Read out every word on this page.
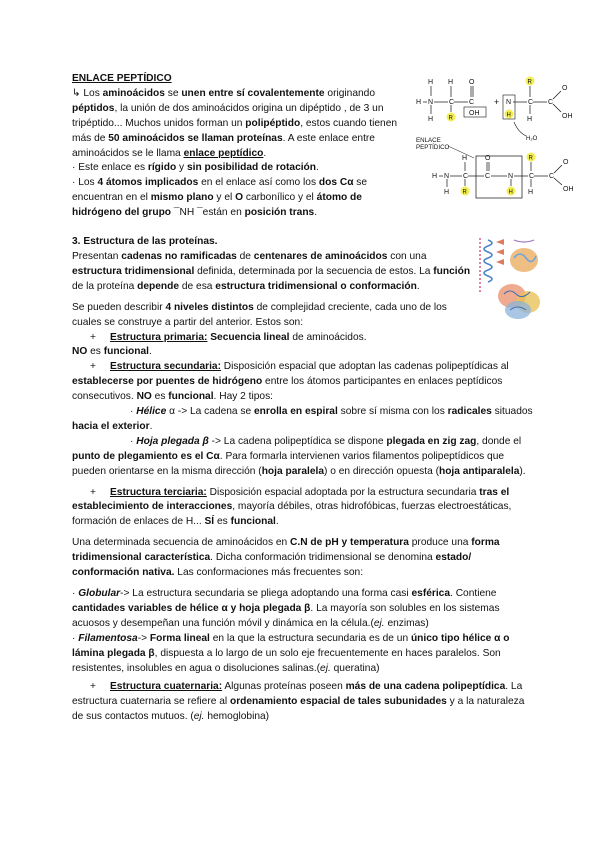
H N
H
H
C
H
R
C
O
OH
+
H
N C
R
H
C
O
OH
H₂O
ENLACE
PEPTÍDICO
H N
H
C
H
R
C
O
N
H
C
R
H
C
O
OH

ENLACE PEPTÍDICO

↳ Los aminoácidos se unen entre sí covalentemente originando péptidos, la unión de dos aminoácidos origina un dipéptido , de 3 un tripéptido... Muchos unidos forman un polipéptido, estos cuando tienen más de 50 aminoácidos se llaman proteínas. A este enlace entre aminoácidos se le llama enlace peptídico.

· Este enlace es rígido y sin posibilidad de rotación.

· Los 4 átomos implicados en el enlace así como los dos Cα se encuentran en el mismo plano y el O carbonílico y el átomo de hidrógeno del grupo ¯NH ¯están en posición trans.

3. Estructura de las proteínas.

Presentan cadenas no ramificadas de centenares de aminoácidos con una estructura tridimensional definida, determinada por la secuencia de estos. La función de la proteína depende de esa estructura tridimensional o conformación.

Se pueden describir 4 niveles distintos de complejidad creciente, cada uno de los cuales se construye a partir del anterior. Estos son:

+ Estructura primaria: Secuencia lineal de aminoácidos.

NO es funcional.

+ Estructura secundaria: Disposición espacial que adoptan las cadenas polipeptídicas al establecerse por puentes de hidrógeno entre los átomos participantes en enlaces peptídicos consecutivos. NO es funcional. Hay 2 tipos:

· Hélice α -> La cadena se enrolla en espiral sobre sí misma con los radicales situados hacia el exterior.

· Hoja plegada β -> La cadena polipeptídica se dispone plegada en zig zag, donde el punto de plegamiento es el Cα. Para formarla intervienen varios filamentos polipeptídicos que pueden orientarse en la misma dirección (hoja paralela) o en dirección opuesta (hoja antiparalela).

+ Estructura terciaria: Disposición espacial adoptada por la estructura secundaria tras el establecimiento de interacciones, mayoría débiles, otras hidrofóbicas, fuerzas electroestáticas, formación de enlaces de H... SÍ es funcional.

Una determinada secuencia de aminoácidos en C.N de pH y temperatura produce una forma tridimensional característica. Dicha conformación tridimensional se denomina estado/ conformación nativa. Las conformaciones más frecuentes son:

· Globular-> La estructura secundaria se pliega adoptando una forma casi esférica. Contiene cantidades variables de hélice α y hoja plegada β. La mayoría son solubles en los sistemas acuosos y desempeñan una función móvil y dinámica en la célula.(ej. enzimas)

· Filamentosa-> Forma lineal en la que la estructura secundaria es de un único tipo hélice α o lámina plegada β, dispuesta a lo largo de un solo eje frecuentemente en haces paralelos. Son resistentes, insolubles en agua o disoluciones salinas.(ej. queratina)

+ Estructura cuaternaria: Algunas proteínas poseen más de una cadena polipeptídica. La estructura cuaternaria se refiere al ordenamiento espacial de tales subunidades y a la naturaleza de sus contactos mutuos. (ej. hemoglobina)
